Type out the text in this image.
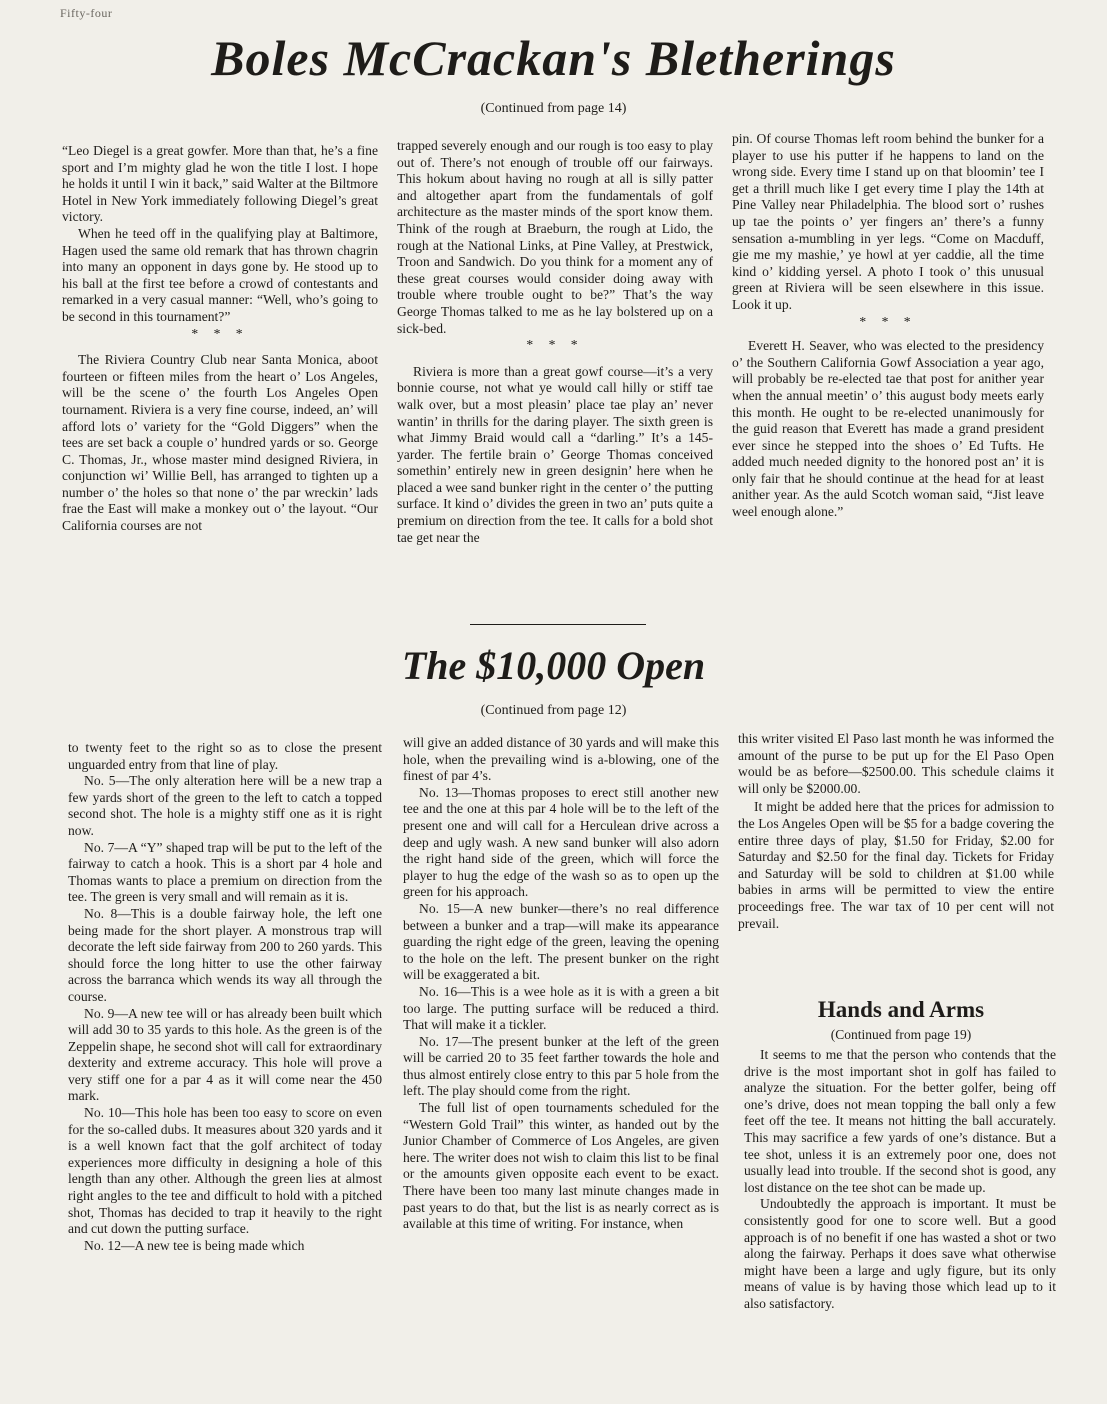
Fifty-four
Boles McCrackan's Bletherings
(Continued from page 14)

“Leo Diegel is a great gowfer. More than that, he’s a fine sport and I’m mighty glad he won the title I lost. I hope he holds it until I win it back,” said Walter at the Biltmore Hotel in New York immediately following Diegel’s great victory.

When he teed off in the qualifying play at Baltimore, Hagen used the same old remark that has thrown chagrin into many an opponent in days gone by. He stood up to his ball at the first tee before a crowd of contestants and remarked in a very casual manner: “Well, who’s going to be second in this tournament?”

* * *

The Riviera Country Club near Santa Monica, aboot fourteen or fifteen miles from the heart o’ Los Angeles, will be the scene o’ the fourth Los Angeles Open tournament. Riviera is a very fine course, indeed, an’ will afford lots o’ variety for the “Gold Diggers” when the tees are set back a couple o’ hundred yards or so. George C. Thomas, Jr., whose master mind designed Riviera, in conjunction wi’ Willie Bell, has arranged to tighten up a number o’ the holes so that none o’ the par wreckin’ lads frae the East will make a monkey out o’ the layout. “Our California courses are not

trapped severely enough and our rough is too easy to play out of. There’s not enough of trouble off our fairways. This hokum about having no rough at all is silly patter and altogether apart from the fundamentals of golf architecture as the master minds of the sport know them. Think of the rough at Braeburn, the rough at Lido, the rough at the National Links, at Pine Valley, at Prestwick, Troon and Sandwich. Do you think for a moment any of these great courses would consider doing away with trouble where trouble ought to be?” That’s the way George Thomas talked to me as he lay bolstered up on a sick-bed.

* * *

Riviera is more than a great gowf course—it’s a very bonnie course, not what ye would call hilly or stiff tae walk over, but a most pleasin’ place tae play an’ never wantin’ in thrills for the daring player. The sixth green is what Jimmy Braid would call a “darling.” It’s a 145-yarder. The fertile brain o’ George Thomas conceived somethin’ entirely new in green designin’ here when he placed a wee sand bunker right in the center o’ the putting surface. It kind o’ divides the green in two an’ puts quite a premium on direction from the tee. It calls for a bold shot tae get near the

pin. Of course Thomas left room behind the bunker for a player to use his putter if he happens to land on the wrong side. Every time I stand up on that bloomin’ tee I get a thrill much like I get every time I play the 14th at Pine Valley near Philadelphia. The blood sort o’ rushes up tae the points o’ yer fingers an’ there’s a funny sensation a-mumbling in yer legs. “Come on Macduff, gie me my mashie,’ ye howl at yer caddie, all the time kind o’ kidding yersel. A photo I took o’ this unusual green at Riviera will be seen elsewhere in this issue. Look it up.

* * *

Everett H. Seaver, who was elected to the presidency o’ the Southern California Gowf Association a year ago, will probably be re-elected tae that post for anither year when the annual meetin’ o’ this august body meets early this month. He ought to be re-elected unanimously for the guid reason that Everett has made a grand president ever since he stepped into the shoes o’ Ed Tufts. He added much needed dignity to the honored post an’ it is only fair that he should continue at the head for at least anither year. As the auld Scotch woman said, “Jist leave weel enough alone.”

The $10,000 Open
(Continued from page 12)

to twenty feet to the right so as to close the present unguarded entry from that line of play.

No. 5—The only alteration here will be a new trap a few yards short of the green to the left to catch a topped second shot. The hole is a mighty stiff one as it is right now.

No. 7—A “Y” shaped trap will be put to the left of the fairway to catch a hook. This is a short par 4 hole and Thomas wants to place a premium on direction from the tee. The green is very small and will remain as it is.

No. 8—This is a double fairway hole, the left one being made for the short player. A monstrous trap will decorate the left side fairway from 200 to 260 yards. This should force the long hitter to use the other fairway across the barranca which wends its way all through the course.

No. 9—A new tee will or has already been built which will add 30 to 35 yards to this hole. As the green is of the Zeppelin shape, he second shot will call for extraordinary dexterity and extreme accuracy. This hole will prove a very stiff one for a par 4 as it will come near the 450 mark.

No. 10—This hole has been too easy to score on even for the so-called dubs. It measures about 320 yards and it is a well known fact that the golf architect of today experiences more difficulty in designing a hole of this length than any other. Although the green lies at almost right angles to the tee and difficult to hold with a pitched shot, Thomas has decided to trap it heavily to the right and cut down the putting surface.

No. 12—A new tee is being made which

will give an added distance of 30 yards and will make this hole, when the prevailing wind is a-blowing, one of the finest of par 4’s.

No. 13—Thomas proposes to erect still another new tee and the one at this par 4 hole will be to the left of the present one and will call for a Herculean drive across a deep and ugly wash. A new sand bunker will also adorn the right hand side of the green, which will force the player to hug the edge of the wash so as to open up the green for his approach.

No. 15—A new bunker—there’s no real difference between a bunker and a trap—will make its appearance guarding the right edge of the green, leaving the opening to the hole on the left. The present bunker on the right will be exaggerated a bit.

No. 16—This is a wee hole as it is with a green a bit too large. The putting surface will be reduced a third. That will make it a tickler.

No. 17—The present bunker at the left of the green will be carried 20 to 35 feet farther towards the hole and thus almost entirely close entry to this par 5 hole from the left. The play should come from the right.

The full list of open tournaments scheduled for the “Western Gold Trail” this winter, as handed out by the Junior Chamber of Commerce of Los Angeles, are given here. The writer does not wish to claim this list to be final or the amounts given opposite each event to be exact. There have been too many last minute changes made in past years to do that, but the list is as nearly correct as is available at this time of writing. For instance, when

this writer visited El Paso last month he was informed the amount of the purse to be put up for the El Paso Open would be as before—$2500.00. This schedule claims it will only be $2000.00.

It might be added here that the prices for admission to the Los Angeles Open will be $5 for a badge covering the entire three days of play, $1.50 for Friday, $2.00 for Saturday and $2.50 for the final day. Tickets for Friday and Saturday will be sold to children at $1.00 while babies in arms will be permitted to view the entire proceedings free. The war tax of 10 per cent will not prevail.

Hands and Arms
(Continued from page 19)

It seems to me that the person who contends that the drive is the most important shot in golf has failed to analyze the situation. For the better golfer, being off one’s drive, does not mean topping the ball only a few feet off the tee. It means not hitting the ball accurately. This may sacrifice a few yards of one’s distance. But a tee shot, unless it is an extremely poor one, does not usually lead into trouble. If the second shot is good, any lost distance on the tee shot can be made up.

Undoubtedly the approach is important. It must be consistently good for one to score well. But a good approach is of no benefit if one has wasted a shot or two along the fairway. Perhaps it does save what otherwise might have been a large and ugly figure, but its only means of value is by having those which lead up to it also satisfactory.
